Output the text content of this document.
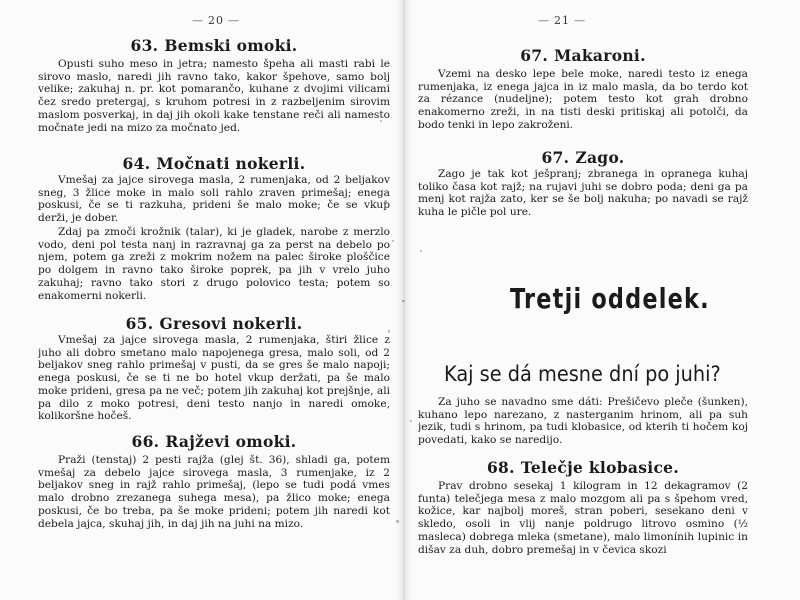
— 20 —
63. Bemski omoki.

Opusti suho meso in jetra; namesto špeha ali masti rabi le sirovo maslo, naredi jih ravno tako, kakor špehove, samo bolj velike; zakuhaj n. pr. kot pomarančo, kuhane z dvojimi vilicami čez sredo pretergaj, s kruhom potresi in z razbeljenim sirovim maslom posverkaj, in daj jih okoli kake tenstane reči ali namesto močnate jedi na mizo za močnato jed.

64. Močnati nokerli.

Vmešaj za jajce sirovega masla, 2 rumenjaka, od 2 beljakov sneg, 3 žlice moke in malo soli rahlo zraven primešaj; enega poskusi, če se ti razkuha, prideni še malo moke; če se vkup derži, je dober.

Zdaj pa zmoči krožnik (talar), ki je gladek, narobe z merzlo vodo, deni pol testa nanj in razravnaj ga za perst na debelo po njem, potem ga zreži z mokrim nožem na palec široke ploščice po dolgem in ravno tako široke poprek, pa jih v vrelo juho zakuhaj; ravno tako stori z drugo polovico testa; potem so enakomerni nokerli.

65. Gresovi nokerli.

Vmešaj za jajce sirovega masla, 2 rumenjaka, štiri žlice z juho ali dobro smetano malo napojenega gresa, malo soli, od 2 beljakov sneg rahlo primešaj v pusti, da se gres še malo napoji; enega poskusi, če se ti ne bo hotel vkup deržati, pa še malo moke prideni, gresa pa ne več; potem jih zakuhaj kot prejšnje, ali pa dilo z moko potresi, deni testo nanjo in naredi omoke, kolikoršne hočeš.

66. Rajževi omoki.

Praži (tenstaj) 2 pesti rajža (glej št. 36), shladi ga, potem vmešaj za debelo jajce sirovega masla, 3 rumenjake, iz 2 beljakov sneg in rajž rahlo primešaj, (lepo se tudi podá vmes malo drobno zrezanega suhega mesa), pa žlico moke; enega poskusi, če bo treba, pa še moke prideni; potem jih naredi kot debela jajca, skuhaj jih, in daj jih na juhi na mizo.

— 21 —
67. Makaroni.

Vzemi na desko lepe bele moke, naredi testo iz enega rumenjaka, iz enega jajca in iz malo masla, da bo terdo kot za rézance (nudeljne); potem testo kot grah drobno enakomerno zreži, in na tisti deski pritiskaj ali potolči, da bodo tenki in lepo zakroženi.

67. Zago.

Zago je tak kot ješpranj; zbranega in opranega kuhaj toliko časa kot rajž; na rujavi juhi se dobro poda; deni ga pa menj kot rajža zato, ker se še bolj nakuha; po navadi se rajž kuha le pičle pol ure.

Tretji oddelek.
Kaj se dá mesne dní po juhi?

Za juho se navadno sme dáti: Prešičevo pleče (šunken), kuhano lepo narezano, z nasterganim hrinom, ali pa suh jezik, tudi s hrinom, pa tudi klobasice, od kterih ti hočem koj povedati, kako se naredijo.

68. Telečje klobasice.

Prav drobno sesekaj 1 kilogram in 12 dekagramov (2 funta) telečjega mesa z malo mozgom ali pa s špehom vred, kožice, kar najbolj moreš, stran poberi, sesekano deni v skledo, osoli in vlij nanje poldrugo litrovo osmino (½ masleca) dobrega mleka (smetane), malo limonínih lupinic in dišav za duh, dobro premešaj in v čevica skozi
